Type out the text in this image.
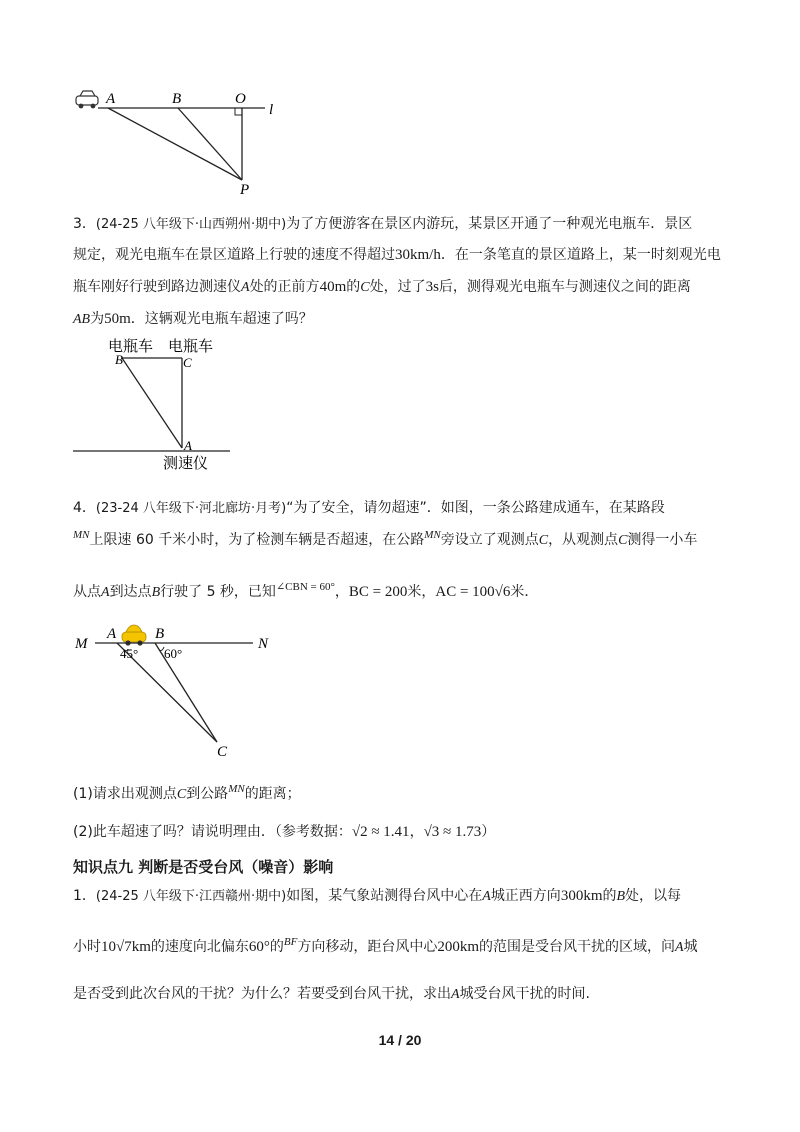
A	B	O
l
P
3．(24-25 八年级下·山西朔州·期中)为了方便游客在景区内游玩，某景区开通了一种观光电瓶车．景区
规定，观光电瓶车在景区道路上行驶的速度不得超过30km/h．在一条笔直的景区道路上，某一时刻观光电
瓶车刚好行驶到路边测速仪A处的正前方40m的C处，过了3s后，测得观光电瓶车与测速仪之间的距离
AB为50m．这辆观光电瓶车超速了吗？
电瓶车 电瓶车
B	C
A
测速仪
4．(23-24 八年级下·河北廊坊·月考)“为了安全，请勿超速”．如图，一条公路建成通车，在某路段
$^{MN}$上限速 60 千米小时，为了检测车辆是否超速，在公路$^{MN}$旁设立了观测点C，从观测点C测得一小车
从点A到达点B行驶了 5 秒，已知$^{\angle CBN = 60^\circ}$，BC = 200米，AC = 100√6米．
M
A	B
N
C
45° 60°
(1)请求出观测点C到公路$^{MN}$的距离；
(2)此车超速了吗？请说明理由．（参考数据：√2 ≈ 1.41，√3 ≈ 1.73）
知识点九 判断是否受台风（噪音）影响
1．(24-25 八年级下·江西赣州·期中)如图，某气象站测得台风中心在A城正西方向300km的B处，以每
小时10√7km的速度向北偏东60°的$^{BF}$方向移动，距台风中心200km的范围是受台风干扰的区域，问A城
是否受到此次台风的干扰？为什么？若要受到台风干扰，求出A城受台风干扰的时间.
14 / 20
